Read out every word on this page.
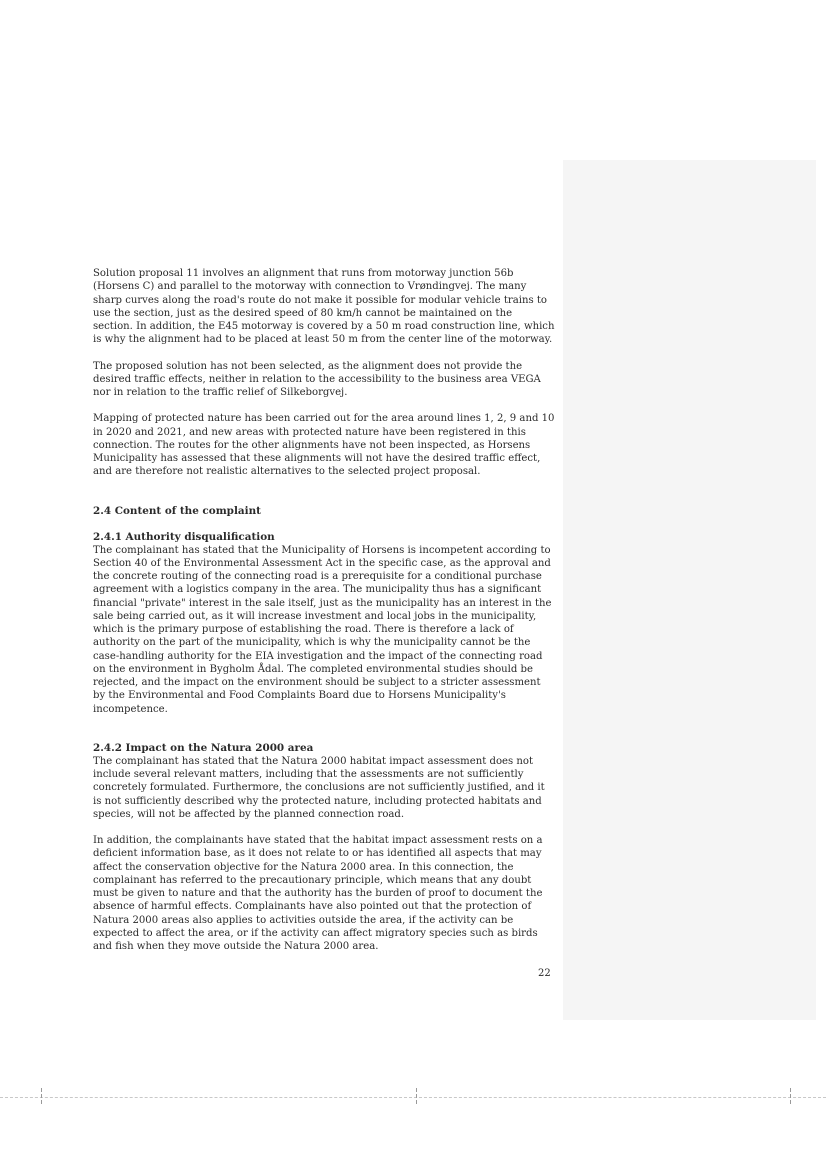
Solution proposal 11 involves an alignment that runs from motorway junction 56b (Horsens C) and parallel to the motorway with connection to Vrøndingvej. The many sharp curves along the road's route do not make it possible for modular vehicle trains to use the section, just as the desired speed of 80 km/h cannot be maintained on the section. In addition, the E45 motorway is covered by a 50 m road construction line, which is why the alignment had to be placed at least 50 m from the center line of the motorway.

The proposed solution has not been selected, as the alignment does not provide the desired traffic effects, neither in relation to the accessibility to the business area VEGA nor in relation to the traffic relief of Silkeborgvej.

Mapping of protected nature has been carried out for the area around lines 1, 2, 9 and 10 in 2020 and 2021, and new areas with protected nature have been registered in this connection. The routes for the other alignments have not been inspected, as Horsens Municipality has assessed that these alignments will not have the desired traffic effect, and are therefore not realistic alternatives to the selected project proposal.

2.4 Content of the complaint
2.4.1 Authority disqualification

The complainant has stated that the Municipality of Horsens is incompetent according to Section 40 of the Environmental Assessment Act in the specific case, as the approval and the concrete routing of the connecting road is a prerequisite for a conditional purchase agreement with a logistics company in the area. The municipality thus has a significant financial "private" interest in the sale itself, just as the municipality has an interest in the sale being carried out, as it will increase investment and local jobs in the municipality, which is the primary purpose of establishing the road. There is therefore a lack of authority on the part of the municipality, which is why the municipality cannot be the case-handling authority for the EIA investigation and the impact of the connecting road on the environment in Bygholm Ådal. The completed environmental studies should be rejected, and the impact on the environment should be subject to a stricter assessment by the Environmental and Food Complaints Board due to Horsens Municipality's incompetence.

2.4.2 Impact on the Natura 2000 area

The complainant has stated that the Natura 2000 habitat impact assessment does not include several relevant matters, including that the assessments are not sufficiently concretely formulated. Furthermore, the conclusions are not sufficiently justified, and it is not sufficiently described why the protected nature, including protected habitats and species, will not be affected by the planned connection road.

In addition, the complainants have stated that the habitat impact assessment rests on a deficient information base, as it does not relate to or has identified all aspects that may affect the conservation objective for the Natura 2000 area. In this connection, the complainant has referred to the precautionary principle, which means that any doubt must be given to nature and that the authority has the burden of proof to document the absence of harmful effects. Complainants have also pointed out that the protection of Natura 2000 areas also applies to activities outside the area, if the activity can be expected to affect the area, or if the activity can affect migratory species such as birds and fish when they move outside the Natura 2000 area.

22
